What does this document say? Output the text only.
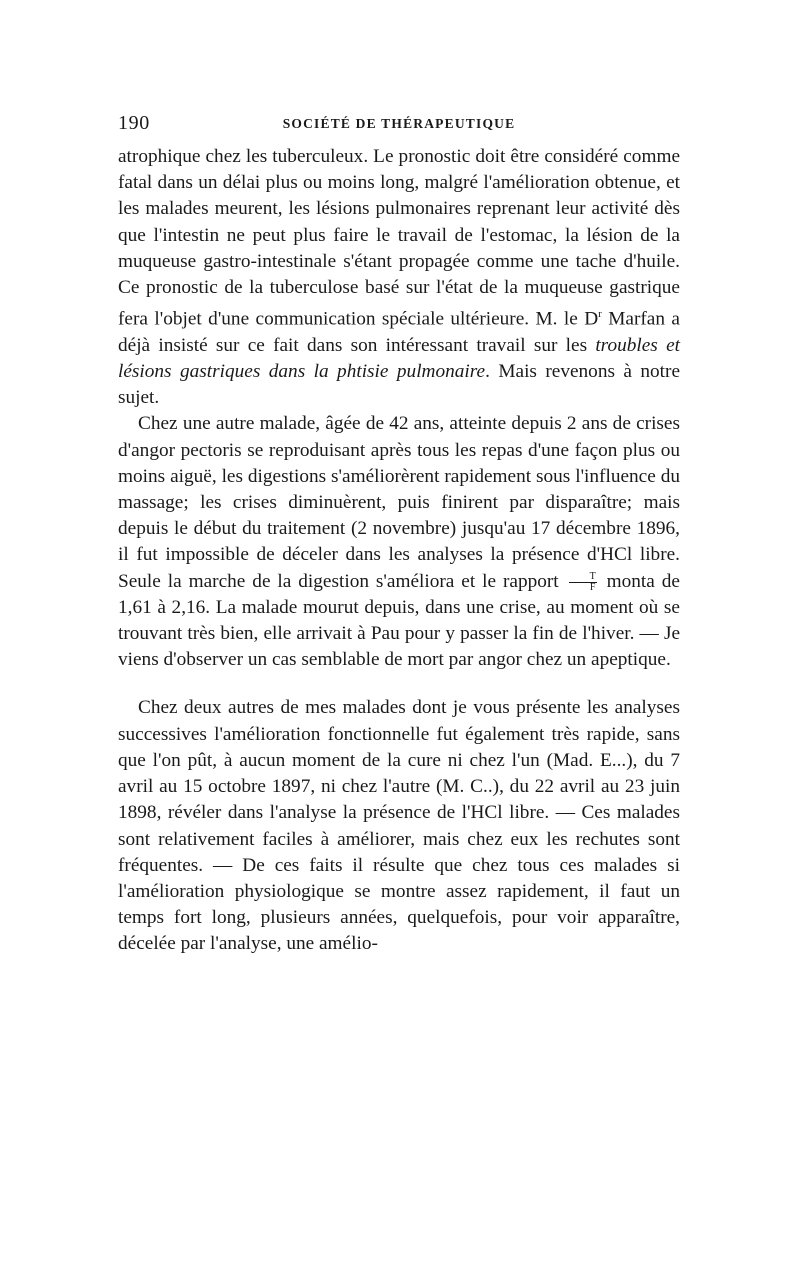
190	SOCIÉTÉ DE THÉRAPEUTIQUE

atrophique chez les tuberculeux. Le pronostic doit être considéré comme fatal dans un délai plus ou moins long, malgré l'amélioration obtenue, et les malades meurent, les lésions pulmonaires reprenant leur activité dès que l'intestin ne peut plus faire le travail de l'estomac, la lésion de la muqueuse gastro-intestinale s'étant propagée comme une tache d'huile. Ce pronostic de la tuberculose basé sur l'état de la muqueuse gastrique fera l'objet d'une communication spéciale ultérieure. M. le $D^r$ Marfan a déjà insisté sur ce fait dans son intéressant travail sur les troubles et lésions gastriques dans la phtisie pulmonaire. Mais revenons à notre sujet.

Chez une autre malade, âgée de 42 ans, atteinte depuis 2 ans de crises d'angor pectoris se reproduisant après tous les repas d'une façon plus ou moins aiguë, les digestions s'améliorèrent rapidement sous l'influence du massage; les crises diminuèrent, puis finirent par disparaître; mais depuis le début du traitement (2 novembre) jusqu'au 17 décembre 1896, il fut impossible de déceler dans les analyses la présence d'HCl libre. Seule la marche de la digestion s'améliora et le rapport $\frac{T}{F}$ monta de 1,61 à 2,16. La malade mourut depuis, dans une crise, au moment où se trouvant très bien, elle arrivait à Pau pour y passer la fin de l'hiver. — Je viens d'observer un cas semblable de mort par angor chez un apeptique.

Chez deux autres de mes malades dont je vous présente les analyses successives l'amélioration fonctionnelle fut également très rapide, sans que l'on pût, à aucun moment de la cure ni chez l'un (Mad. E...), du 7 avril au 15 octobre 1897, ni chez l'autre (M. C..), du 22 avril au 23 juin 1898, révéler dans l'analyse la présence de l'HCl libre. — Ces malades sont relativement faciles à améliorer, mais chez eux les rechutes sont fréquentes. — De ces faits il résulte que chez tous ces malades si l'amélioration physiologique se montre assez rapidement, il faut un temps fort long, plusieurs années, quelquefois, pour voir apparaître, décelée par l'analyse, une amélio-
